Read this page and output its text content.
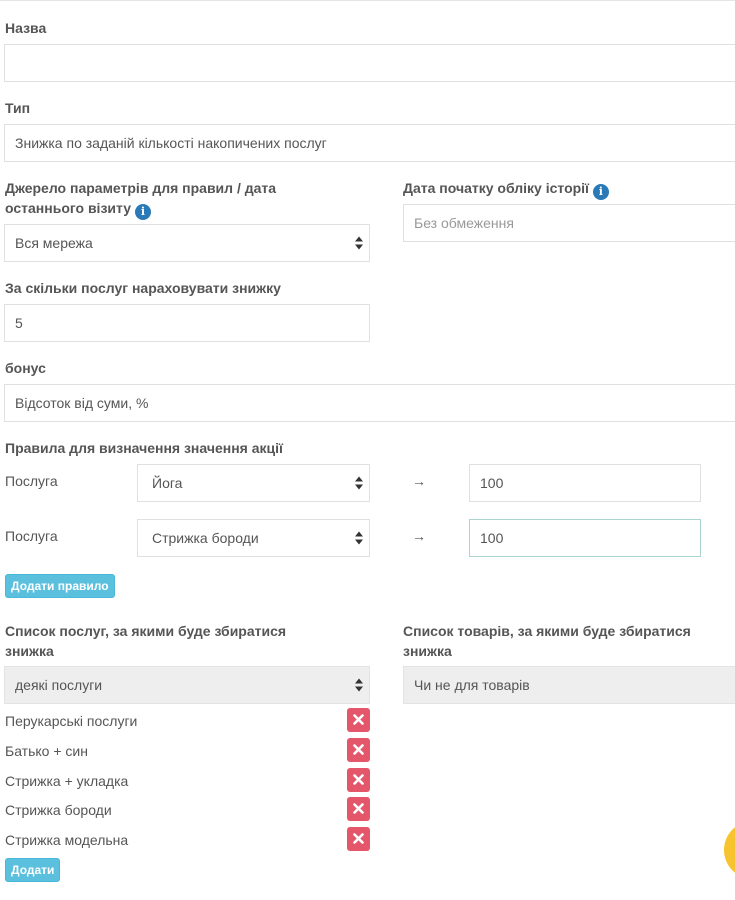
Назва
Тип
Знижка по заданій кількості накопичених послуг
Джерело параметрів для правил / дата
останнього візиту i
Вся мережа
Дата початку обліку історії i
Без обмеження
За скільки послуг нараховувати знижку
5
бонус
Відсоток від суми, %
Правила для визначення значення акції
Послуга	Йога	→	100
Послуга	Стрижка бороди	→	100
Додати правило
Список послуг, за якими буде збиратися
знижка
деякі послуги
Перукарські послуги
Батько + син
Стрижка + укладка
Стрижка бороди
Стрижка модельна
Додати
Список товарів, за якими буде збиратися
знижка
Чи не для товарів
